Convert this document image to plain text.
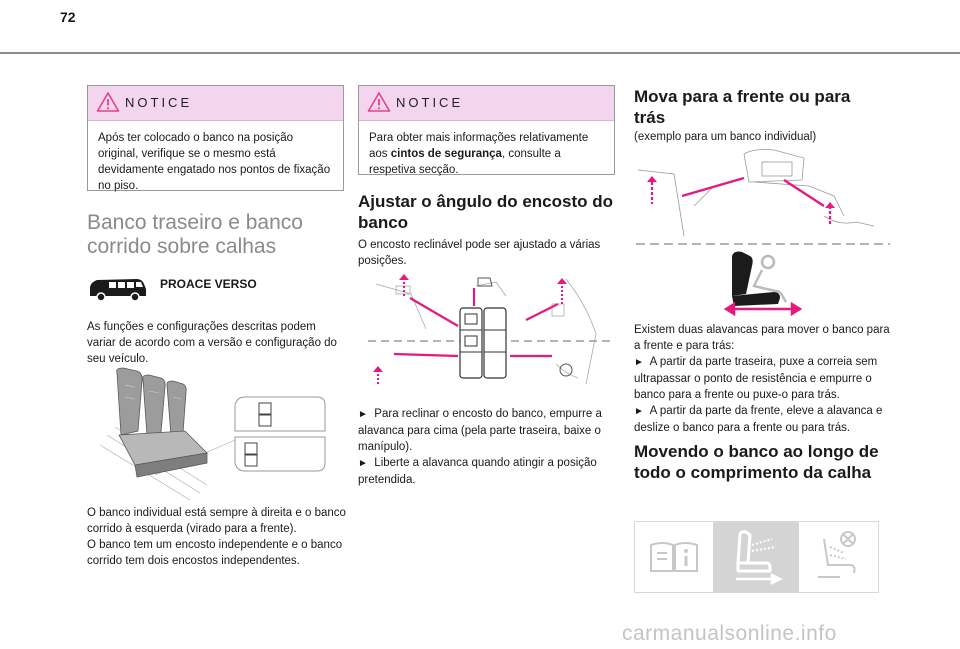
72
NOTICE
Após ter colocado o banco na posição original, verifique se o mesmo está devidamente engatado nos pontos de fixação no piso.
Banco traseiro e banco corrido sobre calhas
PROACE VERSO
As funções e configurações descritas podem variar de acordo com a versão e configuração do seu veículo.

O banco individual está sempre à direita e o banco corrido à esquerda (virado para a frente).

O banco tem um encosto independente e o banco corrido tem dois encostos independentes.

NOTICE
Para obter mais informações relativamente aos cintos de segurança, consulte a respetiva secção.
Ajustar o ângulo do encosto do banco
O encosto reclinável pode ser ajustado a várias posições.

► Para reclinar o encosto do banco, empurre a alavanca para cima (pela parte traseira, baixe o manípulo).

► Liberte a alavanca quando atingir a posição pretendida.

Mova para a frente ou para trás
(exemplo para um banco individual)

Existem duas alavancas para mover o banco para a frente e para trás:

► A partir da parte traseira, puxe a correia sem ultrapassar o ponto de resistência e empurre o banco para a frente ou puxe-o para trás.

► A partir da parte da frente, eleve a alavanca e deslize o banco para a frente ou para trás.

Movendo o banco ao longo de todo o comprimento da calha
carmanualsonline.info
